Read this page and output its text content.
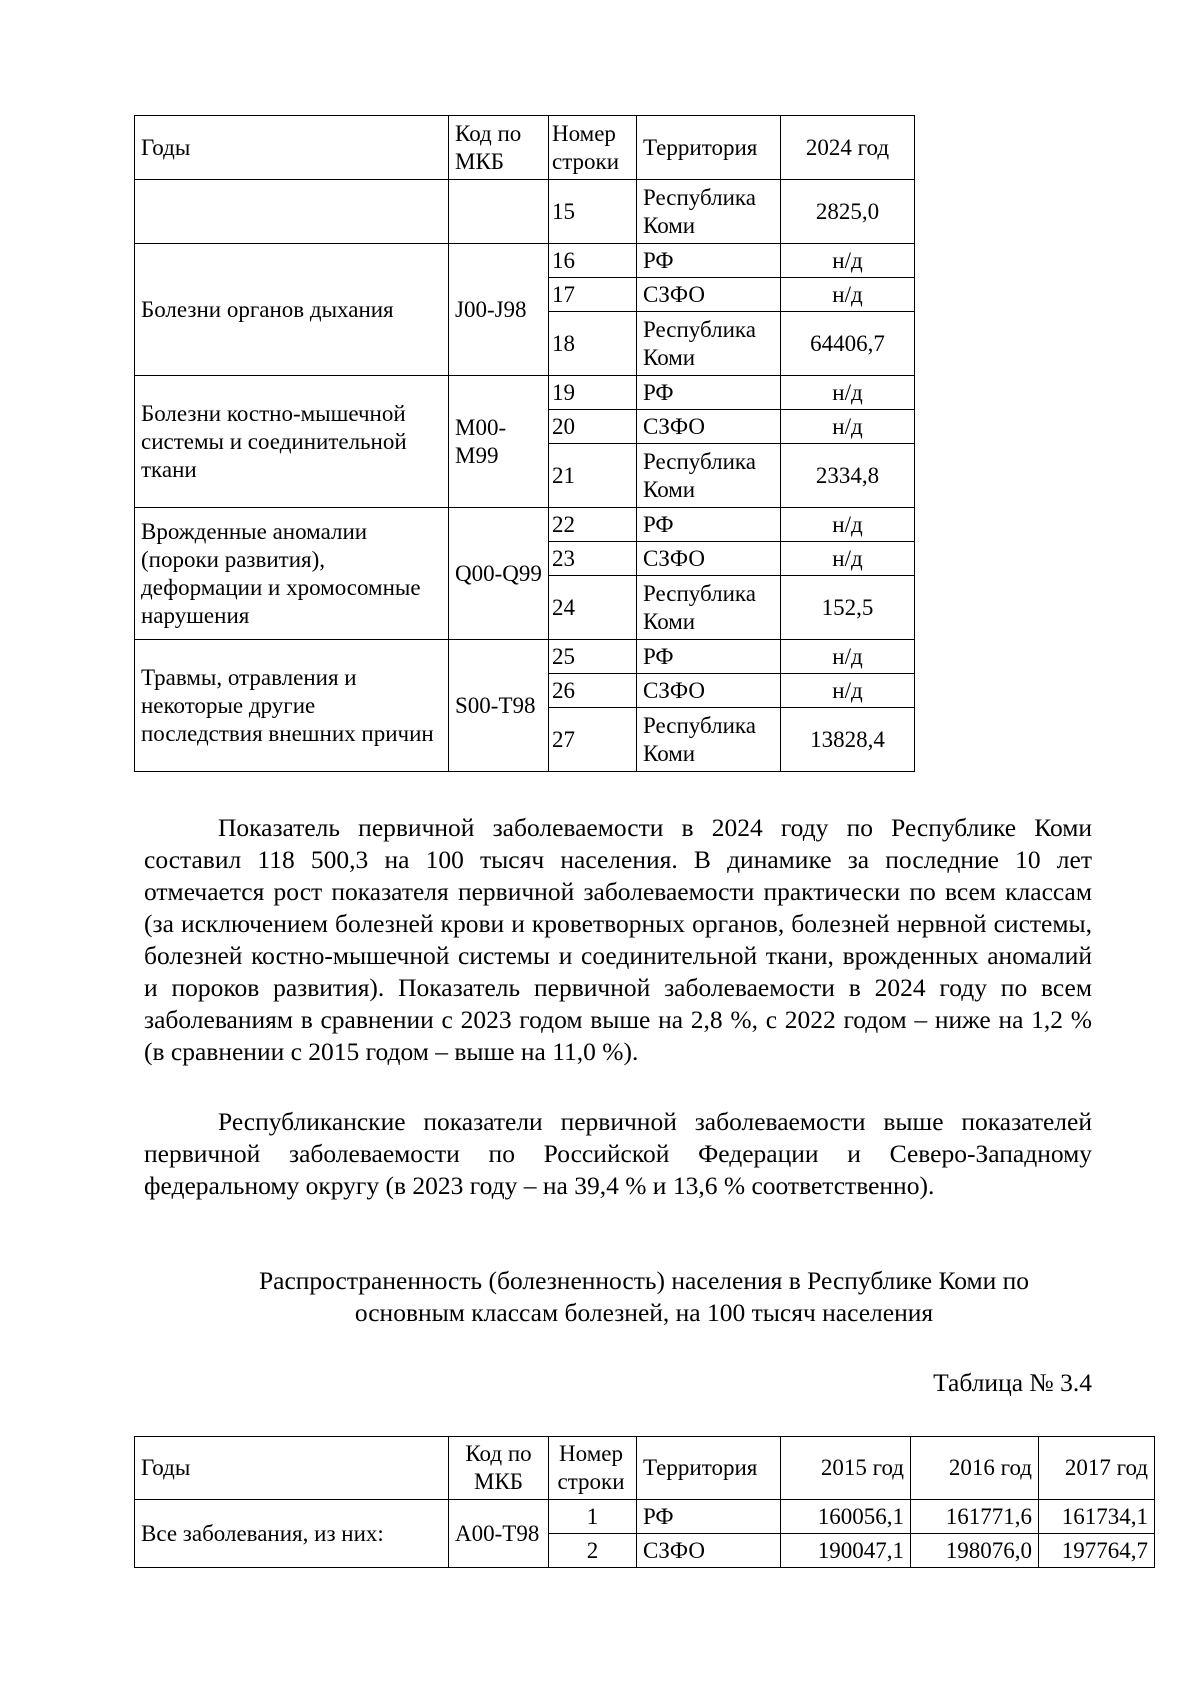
Годы	Код по МКБ	Номер строки	Территория	2024 год
		15	Республика Коми	2825,0
Болезни органов дыхания	J00-J98	16	РФ	н/д
		17	СЗФО	н/д
		18	Республика Коми	64406,7
Болезни костно-мышечной системы и соединительной ткани	M00-M99	19	РФ	н/д
		20	СЗФО	н/д
		21	Республика Коми	2334,8
Врожденные аномалии (пороки развития), деформации и хромосомные нарушения	Q00-Q99	22	РФ	н/д
		23	СЗФО	н/д
		24	Республика Коми	152,5
Травмы, отравления и некоторые другие последствия внешних причин	S00-T98	25	РФ	н/д
		26	СЗФО	н/д
		27	Республика Коми	13828,4

Показатель первичной заболеваемости в 2024 году по Республике Коми составил 118 500,3 на 100 тысяч населения. В динамике за последние 10 лет отмечается рост показателя первичной заболеваемости практически по всем классам (за исключением болезней крови и кроветворных органов, болезней нервной системы, болезней костно-мышечной системы и соединительной ткани, врожденных аномалий и пороков развития). Показатель первичной заболеваемости в 2024 году по всем заболеваниям в сравнении с 2023 годом выше на 2,8 %, с 2022 годом – ниже на 1,2 % (в сравнении с 2015 годом – выше на 11,0 %).

Республиканские показатели первичной заболеваемости выше показателей первичной заболеваемости по Российской Федерации и Северо-Западному федеральному округу (в 2023 году – на 39,4 % и 13,6 % соответственно).

Распространенность (болезненность) населения в Республике Коми по
основным классам болезней, на 100 тысяч населения
Таблица № 3.4
Годы	Код по МКБ	Номер строки	Территория	2015 год	2016 год	2017 год
Все заболевания, из них:	A00-T98	1	РФ	160056,1	161771,6	161734,1
		2	СЗФО	190047,1	198076,0	197764,7
